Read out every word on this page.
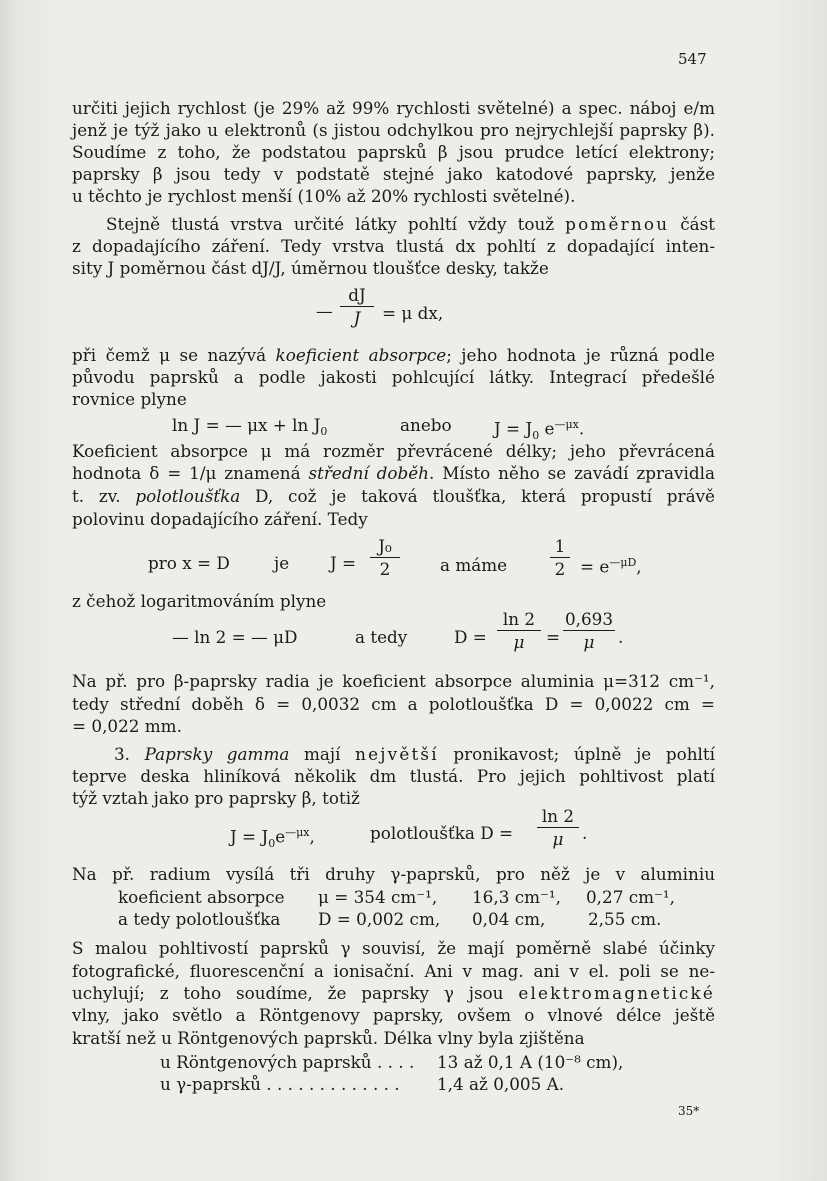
547

určiti jejich rychlost (je 29% až 99% rychlosti světelné) a spec. náboj e/m

jenž je týž jako u elektronů (s jistou odchylkou pro nejrychlejší paprsky β).

Soudíme z toho, že podstatou paprsků β jsou prudce letící elektrony;

paprsky β jsou tedy v podstatě stejné jako katodové paprsky, jenže

u těchto je rychlost menší (10% až 20% rychlosti světelné).

Stejně tlustá vrstva určité látky pohltí vždy touž poměrnou část

z dopadajícího záření. Tedy vrstva tlustá dx pohltí z dopadající inten-

sity J poměrnou část dJ/J, úměrnou tloušťce desky, takže

—
dJ
J	= μ dx,

při čemž μ se nazývá koeficient absorpce; jeho hodnota je různá podle

původu paprsků a podle jakosti pohlcující látky. Integrací předešlé

rovnice plyne

ln J = — $\mu x + \ln J_0$	anebo	$J = J_0$ $e^{—\mu x}$.

Koeficient absorpce μ má rozměr převrácené délky; jeho převrácená

hodnota δ = 1/μ znamená střední doběh. Místo něho se zavádí zpravidla

t. zv. polotloušťka D, což je taková tloušťka, která propustí právě

polovinu dopadajícího záření. Tedy

pro x = D	je J =
J₀
2	a máme
1
$2 = e^{—\mu D}$,

z čehož logaritmováním plyne

— ln 2 = — μD	a tedy	D =
ln 2
μ	=
0,693
μ	.

Na př. pro β-paprsky radia je koeficient absorpce aluminia μ=312 cm⁻¹,

tedy střední doběh δ = 0,0032 cm a polotloušťka D = 0,0022 cm =

= 0,022 mm.

3. Paprsky gamma mají největší pronikavost; úplně je pohltí

teprve deska hliníková několik dm tlustá. Pro jejich pohltivost platí

týž vztah jako pro paprsky β, totiž

$J = J_0e^{—\mu x}$,	polotloušťka D =
ln 2
μ	.

Na př. radium vysílá tři druhy γ-paprsků, pro něž je v aluminiu

koeficient absorpce μ = 354 cm⁻¹, 16,3 cm⁻¹, 0,27 cm⁻¹,
a tedy polotloušťka D = 0,002 cm, 0,04 cm,	2,55 cm.

S malou pohltivostí paprsků γ souvisí, že mají poměrně slabé účinky

fotografické, fluorescenční a ionisační. Ani v mag. ani v el. poli se ne-

uchylují; z toho soudíme, že paprsky γ jsou elektromagnetické

vlny, jako světlo a Röntgenovy paprsky, ovšem o vlnové délce ještě

kratší než u Röntgenových paprsků. Délka vlny byla zjištěna

u Röntgenových paprsků . . . . 13 až 0,1 A (10⁻⁸ cm),
u γ-paprsků . . . . . . . . . . . . . 1,4 až 0,005 A.
35*
